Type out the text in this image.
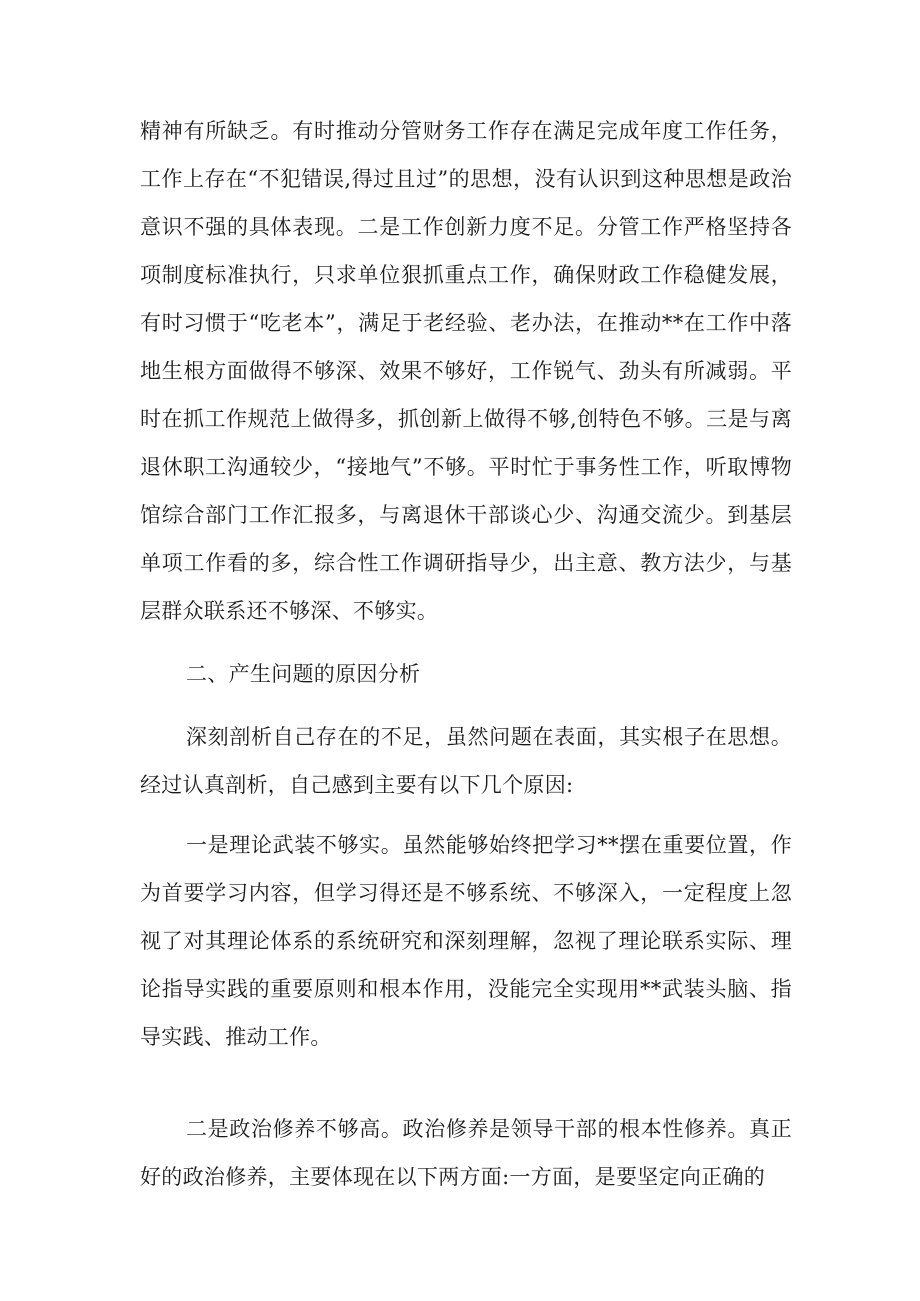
精神有所缺乏。有时推动分管财务工作存在满足完成年度工作任务，工作上存在“不犯错误,得过且过”的思想，没有认识到这种思想是政治意识不强的具体表现。二是工作创新力度不足。分管工作严格坚持各项制度标准执行，只求单位狠抓重点工作，确保财政工作稳健发展，有时习惯于“吃老本”，满足于老经验、老办法，在推动**在工作中落地生根方面做得不够深、效果不够好，工作锐气、劲头有所减弱。平时在抓工作规范上做得多，抓创新上做得不够,创特色不够。三是与离退休职工沟通较少，“接地气”不够。平时忙于事务性工作，听取博物馆综合部门工作汇报多，与离退休干部谈心少、沟通交流少。到基层单项工作看的多，综合性工作调研指导少，出主意、教方法少，与基层群众联系还不够深、不够实。

二、产生问题的原因分析

深刻剖析自己存在的不足，虽然问题在表面，其实根子在思想。经过认真剖析，自己感到主要有以下几个原因:

一是理论武装不够实。虽然能够始终把学习**摆在重要位置，作为首要学习内容，但学习得还是不够系统、不够深入，一定程度上忽视了对其理论体系的系统研究和深刻理解，忽视了理论联系实际、理论指导实践的重要原则和根本作用，没能完全实现用**武装头脑、指导实践、推动工作。

二是政治修养不够高。政治修养是领导干部的根本性修养。真正好的政治修养，主要体现在以下两方面:一方面，是要坚定向正确的
